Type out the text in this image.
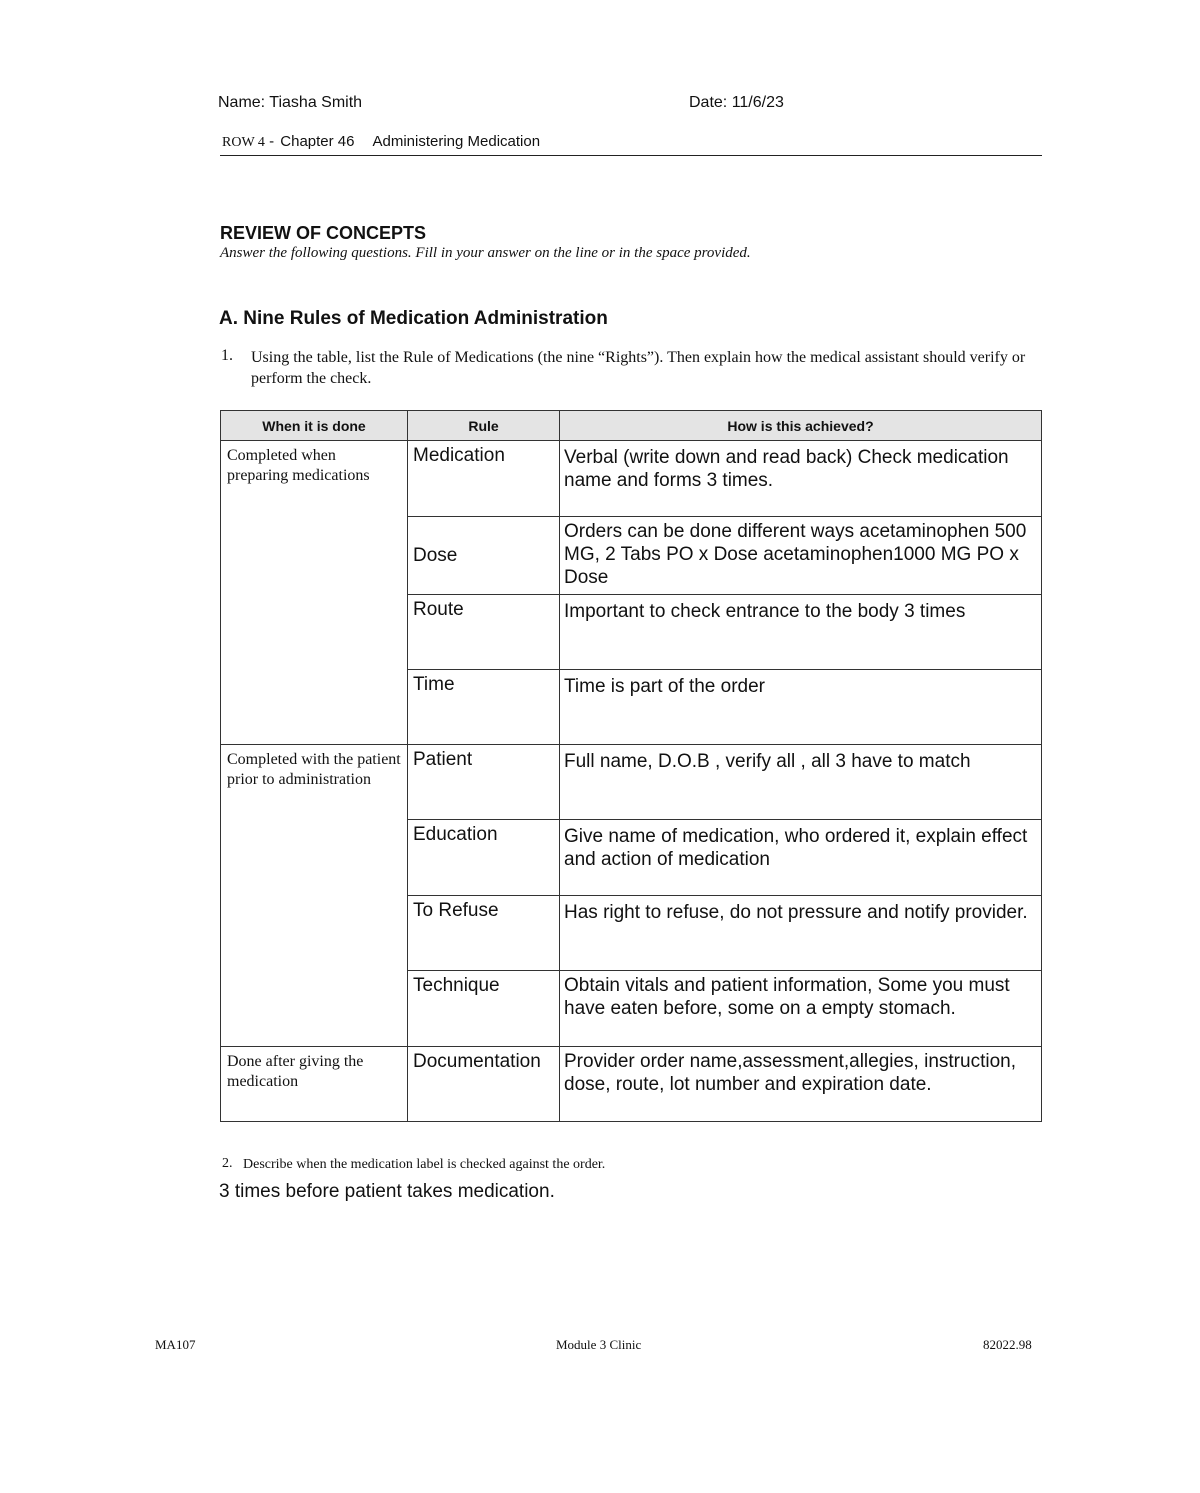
Name: Tiasha Smith	Date: 11/6/23
ROW 4 - Chapter 46 Administering Medication
REVIEW OF CONCEPTS
Answer the following questions. Fill in your answer on the line or in the space provided.
A. Nine Rules of Medication Administration
1. Using the table, list the Rule of Medications (the nine “Rights”). Then explain how the medical assistant should verify or perform the check.
When it is done	Rule	How is this achieved?
Completed when preparing medications	Medication	Verbal (write down and read back) Check medication name and forms 3 times.
	Dose	Orders can be done different ways acetaminophen 500 MG, 2 Tabs PO x Dose acetaminophen1000 MG PO x Dose
	Route	Important to check entrance to the body 3 times
	Time	Time is part of the order
Completed with the patient prior to administration	Patient	Full name, D.O.B , verify all , all 3 have to match
	Education	Give name of medication, who ordered it, explain effect and action of medication
	To Refuse	Has right to refuse, do not pressure and notify provider.
	Technique	Obtain vitals and patient information, Some you must have eaten before, some on a empty stomach.
Done after giving the medication	Documentation	Provider order name,assessment,allegies, instruction, dose, route, lot number and expiration date.
2. Describe when the medication label is checked against the order.
3 times before patient takes medication.
MA107	Module 3 Clinic	82022.98
